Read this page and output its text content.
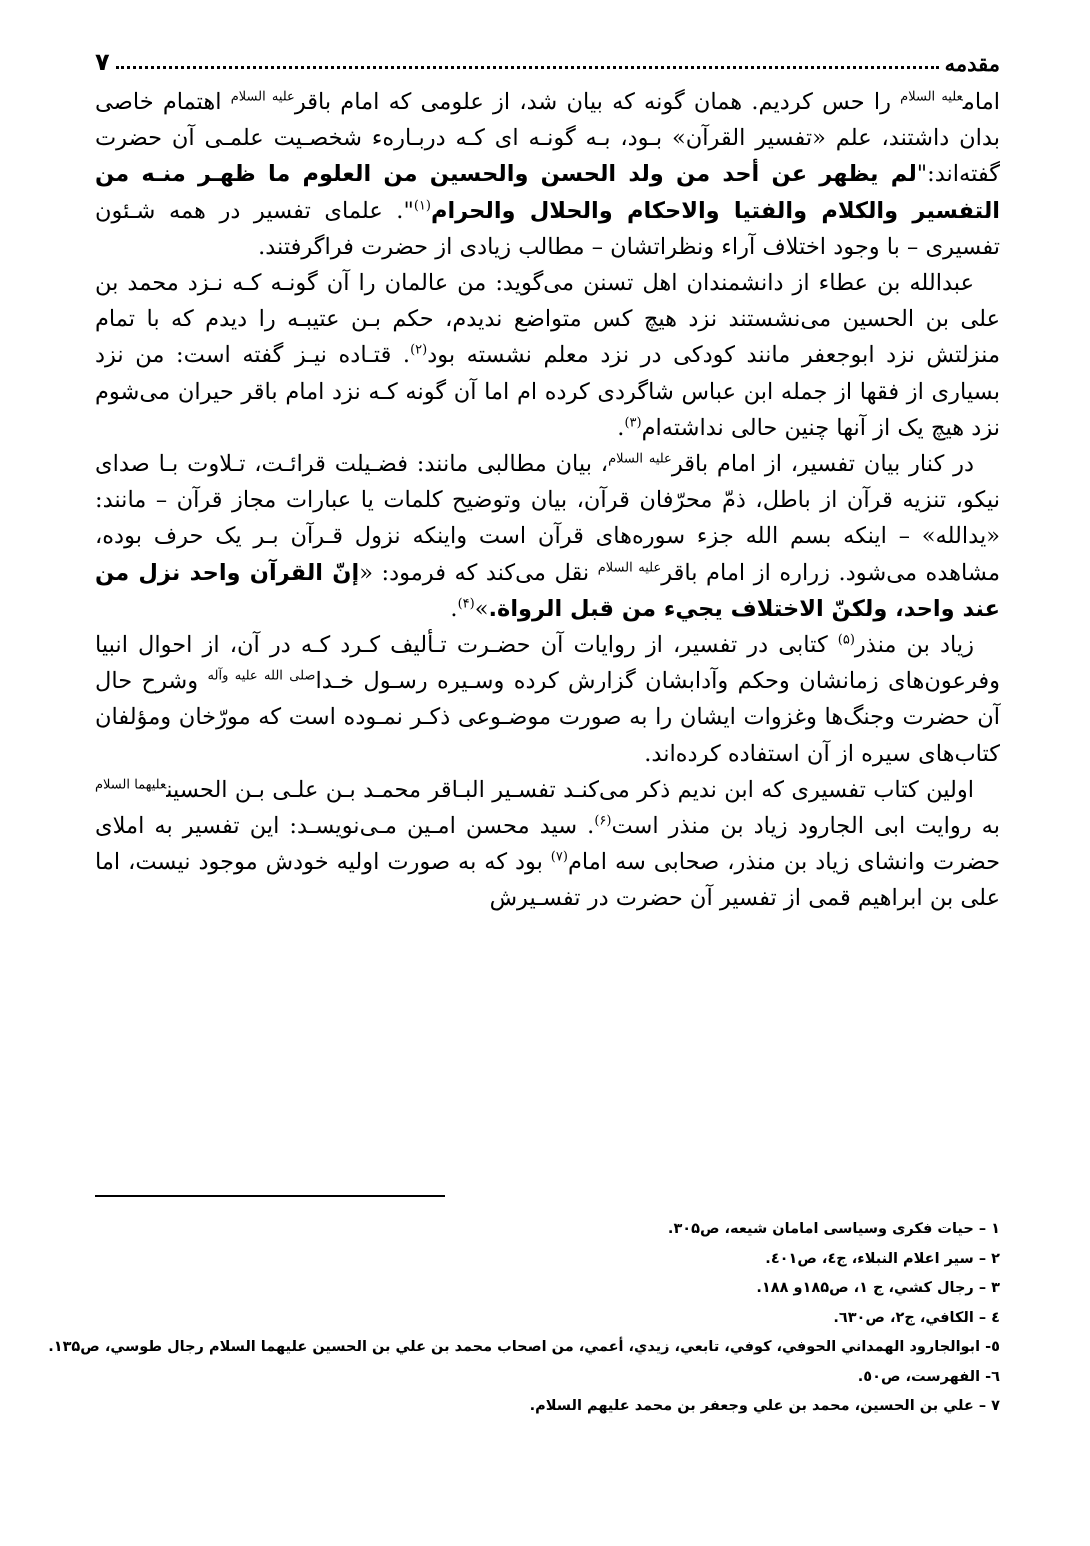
مقدمه
۷

امام$^{علیه السلام}$ را حس کردیم. همان گونه که بیان شد، از علومی که امام باقر$^{علیه السلام}$ اهتمام خاصی بدان داشتند، علم «تفسیر القرآن» بـود، بـه گونـه ای کـه دربـارهء شخصـیت علمـی آن حضرت گفته‌اند:"لم يظهر عن أحد من ولد الحسن والحسين من العلوم ما ظهـر منـه من التفسير والكلام والفتيا والاحكام والحلال والحرام$^{(۱)}$". علمای تفسیر در همه شـئون تفسیری – با وجود اختلاف آراء ونظراتشان – مطالب زیادی از حضرت فراگرفتند.

عبدالله بن عطاء از دانشمندان اهل تسنن می‌گوید: من عالمان را آن گونـه کـه نـزد محمد بن علی بن الحسین می‌نشستند نزد هیچ کس متواضع ندیدم، حکم بـن عتیبـه را دیدم که با تمام منزلتش نزد ابوجعفر مانند کودکی در نزد معلم نشسته بود$^{(۲)}$. قتـاده نیـز گفته است: من نزد بسیاری از فقها از جمله ابن عباس شاگردی کرده ام اما آن گونه کـه نزد امام باقر حیران می‌شوم نزد هیچ یک از آنها چنین حالی نداشته‌ام$^{(۳)}$.

در کنار بیان تفسیر، از امام باقر$^{علیه السلام}$، بیان مطالبی مانند: فضـیلت قرائـت، تـلاوت بـا صدای نیکو، تنزیه قرآن از باطل، ذمّ محرّفان قرآن، بیان وتوضیح کلمات یا عبارات مجاز قرآن – مانند: «یدالله» – اینکه بسم الله جزء سوره‌های قرآن است واینکه نزول قـرآن بـر یک حرف بوده، مشاهده می‌شود. زراره از امام باقر$^{علیه السلام}$ نقل می‌کند که فرمود: «إنّ القرآن واحد نزل من عند واحد، ولكنّ الاختلاف يجيء من قبل الرواة.»$^{(۴)}$.

زیاد بن منذر$^{(۵)}$ کتابی در تفسیر، از روایات آن حضـرت تـألیف کـرد کـه در آن، از احوال انبیا وفرعون‌های زمانشان وحکم وآدابشان گزارش کرده وسـیره رسـول خـدا$^{صلی الله علیه وآله}$ وشرح حال آن حضرت وجنگ‌ها وغزوات ایشان را به صورت موضـوعی ذکـر نمـوده است که مورّخان ومؤلفان کتاب‌های سیره از آن استفاده کرده‌اند.

اولین کتاب تفسیری که ابن ندیم ذکر می‌کنـد تفسـیر البـاقر محمـد بـن علـی بـن الحسین$^{علیهما السلام}$ به روایت ابی الجارود زیاد بن منذر است$^{(۶)}$. سید محسن امـین مـی‌نویسـد: این تفسیر به املای حضرت وانشای زیاد بن منذر، صحابی سه امام$^{(۷)}$ بود که به صورت اولیه خودش موجود نیست، اما علی بن ابراهیم قمی از تفسیر آن حضرت در تفسـیرش

۱ – حیات فکری وسیاسی امامان شیعه، ص۳۰۵.
۲ – سير اعلام النبلاء، ج٤، ص٤٠١.
۳ – رجال کشي، ج ۱، ص۱۸۵و ۱۸۸.
٤ – الكافي، ج۲، ص٦٣٠.
٥- ابوالجارود الهمداني الحوفي، كوفي، تابعي، زيدي، أعمي، من اصحاب محمد بن علي بن الحسين عليهما السلام رجال طوسي، ص۱۳۵.
٦- الفهرست، ص٥٠.
۷ – علي بن الحسين، محمد بن علي وجعفر بن محمد عليهم السلام.
